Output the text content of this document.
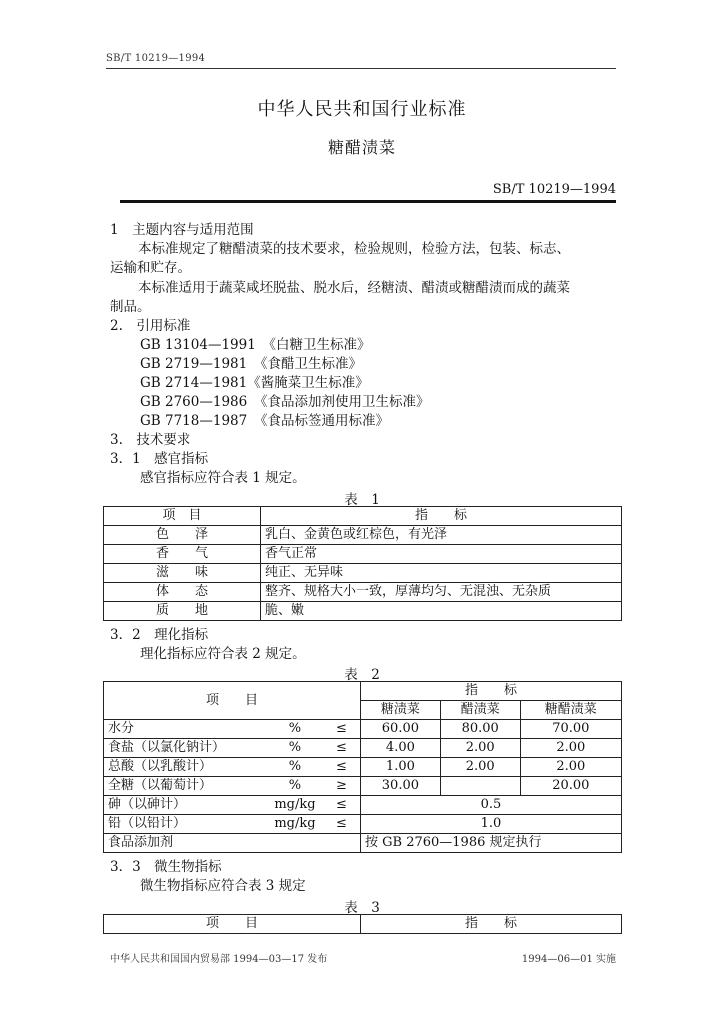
SB/T 10219—1994
中华人民共和国行业标准
糖醋渍菜
SB/T 10219—1994
1　主题内容与适用范围
本标准规定了糖醋渍菜的技术要求，检验规则，检验方法，包装、标志、
运输和贮存。
本标准适用于蔬菜咸坯脱盐、脱水后，经糖渍、醋渍或糖醋渍而成的蔬菜
制品。
2.　引用标准
GB 13104—1991　《白糖卫生标准》
GB 2719—1981　《食醋卫生标准》
GB 2714—1981《酱腌菜卫生标准》
GB 2760—1986　《食品添加剂使用卫生标准》
GB 7718—1987　《食品标签通用标准》
3.　技术要求
3．1　感官指标
感官指标应符合表 1 规定。
表　1
项　目	指　　标
色　　泽	乳白、金黄色或红棕色，有光泽
香　　气	香气正常
滋　　味	纯正、无异味
体　　态	整齐、规格大小一致，厚薄均匀、无混浊、无杂质
质　　地	脆、嫩
3．2　理化指标
理化指标应符合表 2 规定。
表　2
项　　目			指　　标		
			糖渍菜	醋渍菜	糖醋渍菜
水分	%	≤	60.00	80.00	70.00
食盐（以氯化钠计）	%	≤	4.00	2.00	2.00
总酸（以乳酸计）	%	≤	1.00	2.00	2.00
全糖（以葡萄计）	%	≥	30.00		20.00
砷（以砷计）	mg/kg	≤	0.5		
铅（以铅计）	mg/kg	≤	1.0		
食品添加剂			按 GB 2760—1986 规定执行		
3．3　微生物指标
微生物指标应符合表 3 规定
表　3
项　　目	指　　标
中华人民共和国国内贸易部 1994—03—17 发布	1994—06—01 实施
